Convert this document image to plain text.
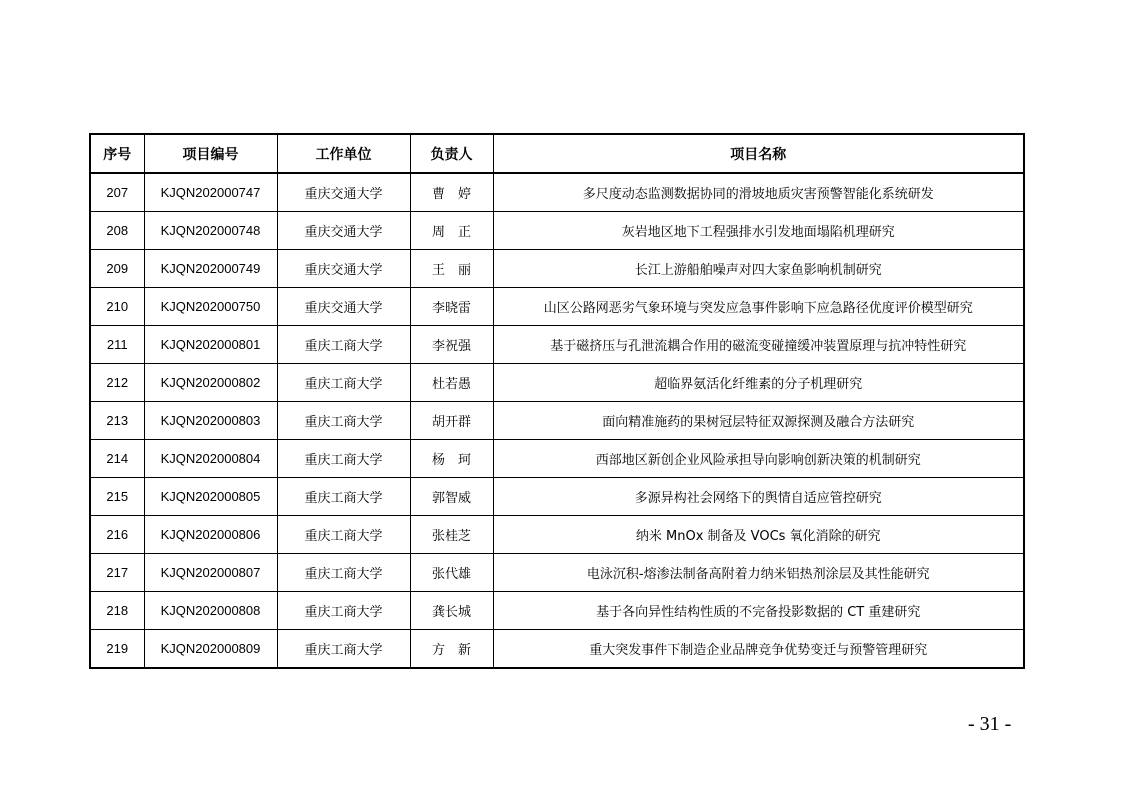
序号	项目编号	工作单位	负责人	项目名称
207	KJQN202000747	重庆交通大学	曹　婷	多尺度动态监测数据协同的滑坡地质灾害预警智能化系统研发
208	KJQN202000748	重庆交通大学	周　正	灰岩地区地下工程强排水引发地面塌陷机理研究
209	KJQN202000749	重庆交通大学	王　丽	长江上游船舶噪声对四大家鱼影响机制研究
210	KJQN202000750	重庆交通大学	李晓雷	山区公路网恶劣气象环境与突发应急事件影响下应急路径优度评价模型研究
211	KJQN202000801	重庆工商大学	李祝强	基于磁挤压与孔泄流耦合作用的磁流变碰撞缓冲装置原理与抗冲特性研究
212	KJQN202000802	重庆工商大学	杜若愚	超临界氨活化纤维素的分子机理研究
213	KJQN202000803	重庆工商大学	胡开群	面向精准施药的果树冠层特征双源探测及融合方法研究
214	KJQN202000804	重庆工商大学	杨　珂	西部地区新创企业风险承担导向影响创新决策的机制研究
215	KJQN202000805	重庆工商大学	郭智威	多源异构社会网络下的舆情自适应管控研究
216	KJQN202000806	重庆工商大学	张桂芝	纳米 MnOx 制备及 VOCs 氧化消除的研究
217	KJQN202000807	重庆工商大学	张代雄	电泳沉积-熔渗法制备高附着力纳米铝热剂涂层及其性能研究
218	KJQN202000808	重庆工商大学	龚长城	基于各向异性结构性质的不完备投影数据的 CT 重建研究
219	KJQN202000809	重庆工商大学	方　新	重大突发事件下制造企业品牌竞争优势变迁与预警管理研究
- 31 -
